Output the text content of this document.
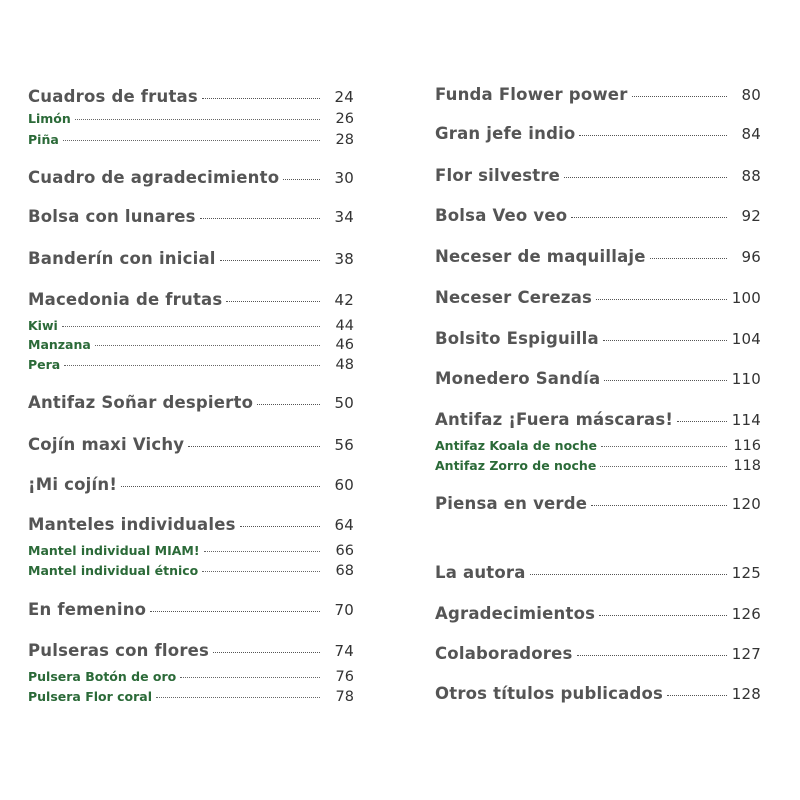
Cuadros de frutas	24
Limón	26
Piña	28
Cuadro de agradecimiento	30
Bolsa con lunares	34
Banderín con inicial	38
Macedonia de frutas	42
Kiwi	44
Manzana	46
Pera	48
Antifaz Soñar despierto	50
Cojín maxi Vichy	56
¡Mi cojín!	60
Manteles individuales	64
Mantel individual MIAM!	66
Mantel individual étnico	68
En femenino	70
Pulseras con flores	74
Pulsera Botón de oro	76
Pulsera Flor coral	78
Funda Flower power	80
Gran jefe indio	84
Flor silvestre	88
Bolsa Veo veo	92
Neceser de maquillaje	96
Neceser Cerezas	100
Bolsito Espiguilla	104
Monedero Sandía	110
Antifaz ¡Fuera máscaras!	114
Antifaz Koala de noche	116
Antifaz Zorro de noche	118
Piensa en verde	120
La autora	125
Agradecimientos	126
Colaboradores	127
Otros títulos publicados	128
